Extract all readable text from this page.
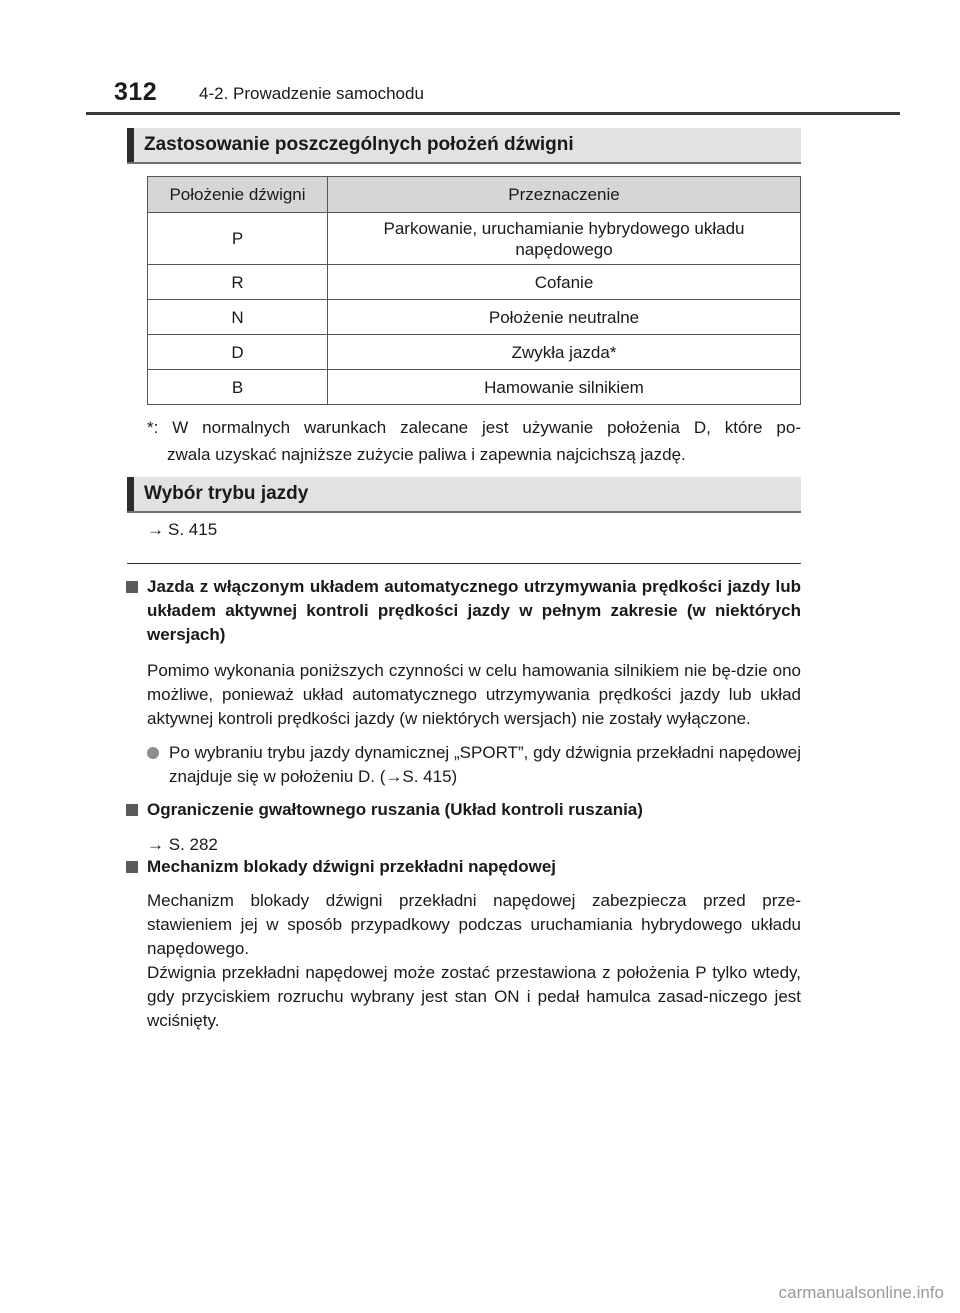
312 4-2. Prowadzenie samochodu
Zastosowanie poszczególnych położeń dźwigni
Położenie dźwigni	Przeznaczenie
P	Parkowanie, uruchamianie hybrydowego układu napędowego
R	Cofanie
N	Położenie neutralne
D	Zwykła jazda*
B	Hamowanie silnikiem
*: W normalnych warunkach zalecane jest używanie położenia D, które po-
zwala uzyskać najniższe zużycie paliwa i zapewnia najcichszą jazdę.
Wybór trybu jazdy
→ S. 415
Jazda z włączonym układem automatycznego utrzymywania prędkości jazdy lub układem aktywnej kontroli prędkości jazdy w pełnym zakresie (w niektórych wersjach)
Pomimo wykonania poniższych czynności w celu hamowania silnikiem nie bę-dzie ono możliwe, ponieważ układ automatycznego utrzymywania prędkości jazdy lub układ aktywnej kontroli prędkości jazdy (w niektórych wersjach) nie zostały wyłączone.
Po wybraniu trybu jazdy dynamicznej „SPORT”, gdy dźwignia przekładni napędowej znajduje się w położeniu D. (→S. 415)
Ograniczenie gwałtownego ruszania (Układ kontroli ruszania)
→ S. 282
Mechanizm blokady dźwigni przekładni napędowej
Mechanizm blokady dźwigni przekładni napędowej zabezpiecza przed prze-stawieniem jej w sposób przypadkowy podczas uruchamiania hybrydowego układu napędowego.
Dźwignia przekładni napędowej może zostać przestawiona z położenia P tylko wtedy, gdy przyciskiem rozruchu wybrany jest stan ON i pedał hamulca zasad-niczego jest wciśnięty.
carmanualsonline.info
